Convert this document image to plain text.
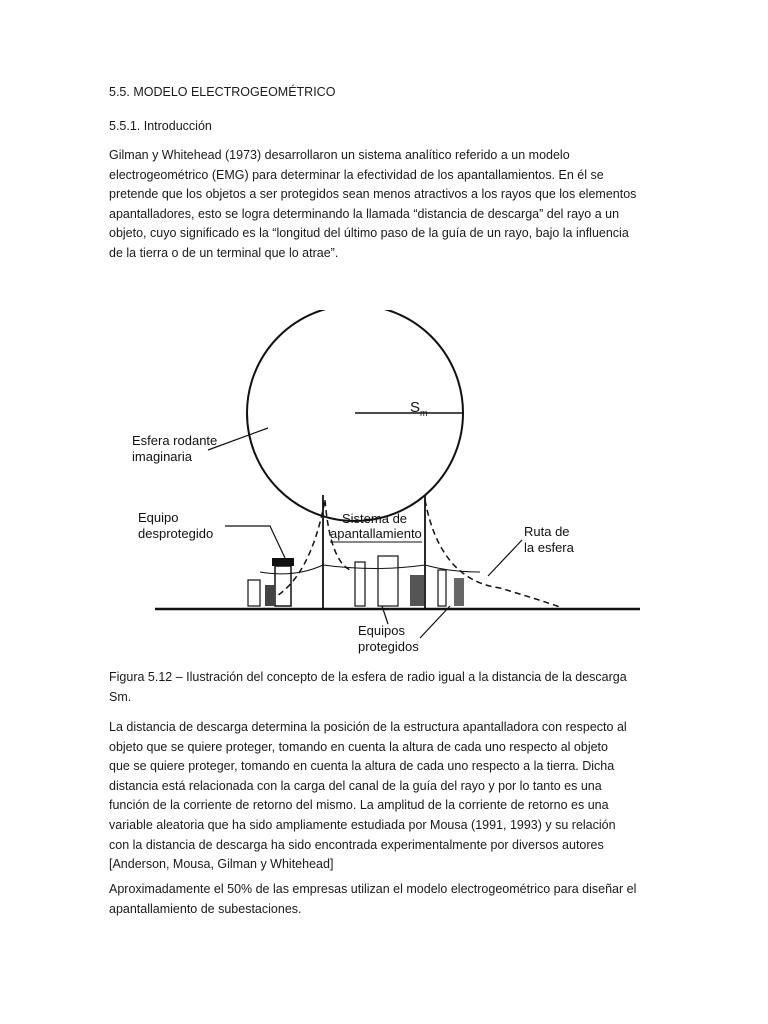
5.5. MODELO ELECTROGEOMÉTRICO
5.5.1. Introducción

Gilman y Whitehead (1973) desarrollaron un sistema analítico referido a un modelo
electrogeométrico (EMG) para determinar la efectividad de los apantallamientos. En él se
pretende que los objetos a ser protegidos sean menos atractivos a los rayos que los elementos
apantalladores, esto se logra determinando la llamada “distancia de descarga” del rayo a un
objeto, cuyo significado es la “longitud del último paso de la guía de un rayo, bajo la influencia
de la tierra o de un terminal que lo atrae”.

$S_m$
Esfera rodante
imaginaria
Sistema de
apantallamiento
Equipo
desprotegido	Ruta de
la esfera
Equipos
protegidos

Figura 5.12 – Ilustración del concepto de la esfera de radio igual a la distancia de la descarga
Sm.

La distancia de descarga determina la posición de la estructura apantalladora con respecto al
objeto que se quiere proteger, tomando en cuenta la altura de cada uno respecto al objeto
que se quiere proteger, tomando en cuenta la altura de cada uno respecto a la tierra. Dicha
distancia está relacionada con la carga del canal de la guía del rayo y por lo tanto es una
función de la corriente de retorno del mismo. La amplitud de la corriente de retorno es una
variable aleatoria que ha sido ampliamente estudiada por Mousa (1991, 1993) y su relación
con la distancia de descarga ha sido encontrada experimentalmente por diversos autores
[Anderson, Mousa, Gilman y Whitehead]

Aproximadamente el 50% de las empresas utilizan el modelo electrogeométrico para diseñar el
apantallamiento de subestaciones.
